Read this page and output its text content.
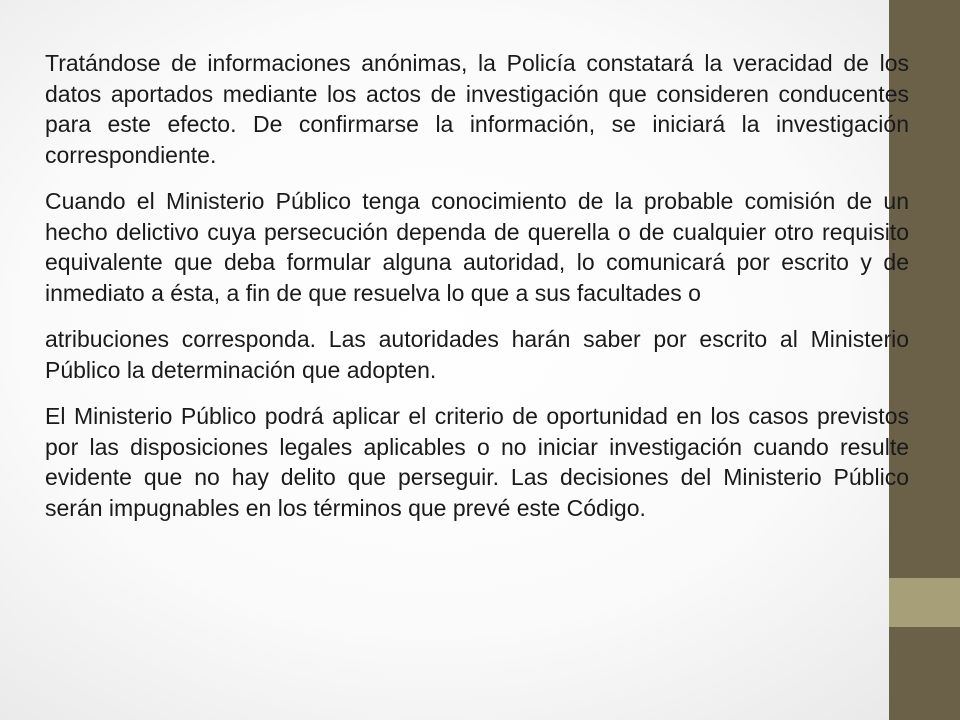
Tratándose de informaciones anónimas, la Policía constatará la veracidad de los datos aportados mediante los actos de investigación que consideren conducentes para este efecto. De confirmarse la información, se iniciará la investigación correspondiente.

Cuando el Ministerio Público tenga conocimiento de la probable comisión de un hecho delictivo cuya persecución dependa de querella o de cualquier otro requisito equivalente que deba formular alguna autoridad, lo comunicará por escrito y de inmediato a ésta, a fin de que resuelva lo que a sus facultades o

atribuciones corresponda. Las autoridades harán saber por escrito al Ministerio Público la determinación que adopten.

El Ministerio Público podrá aplicar el criterio de oportunidad en los casos previstos por las disposiciones legales aplicables o no iniciar investigación cuando resulte evidente que no hay delito que perseguir. Las decisiones del Ministerio Público serán impugnables en los términos que prevé este Código.
